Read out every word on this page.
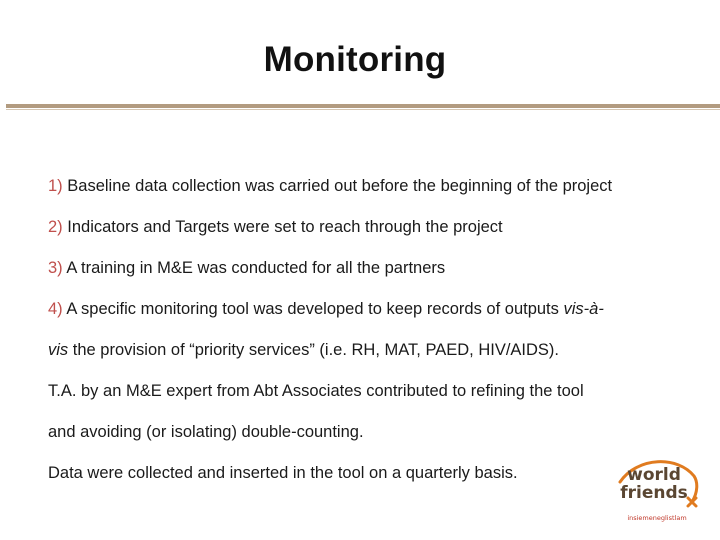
Monitoring

1) Baseline data collection was carried out before the beginning of the project

2) Indicators and Targets were set to reach through the project

3) A training in M&E was conducted for all the partners

4) A specific monitoring tool was developed to keep records of outputs vis-à-

vis the provision of “priority services” (i.e. RH, MAT, PAED, HIV/AIDS).

T.A. by an M&E expert from Abt Associates contributed to refining the tool

and avoiding (or isolating) double-counting.

Data were collected and inserted in the tool on a quarterly basis.	world
friends
insiemeneglistlam
